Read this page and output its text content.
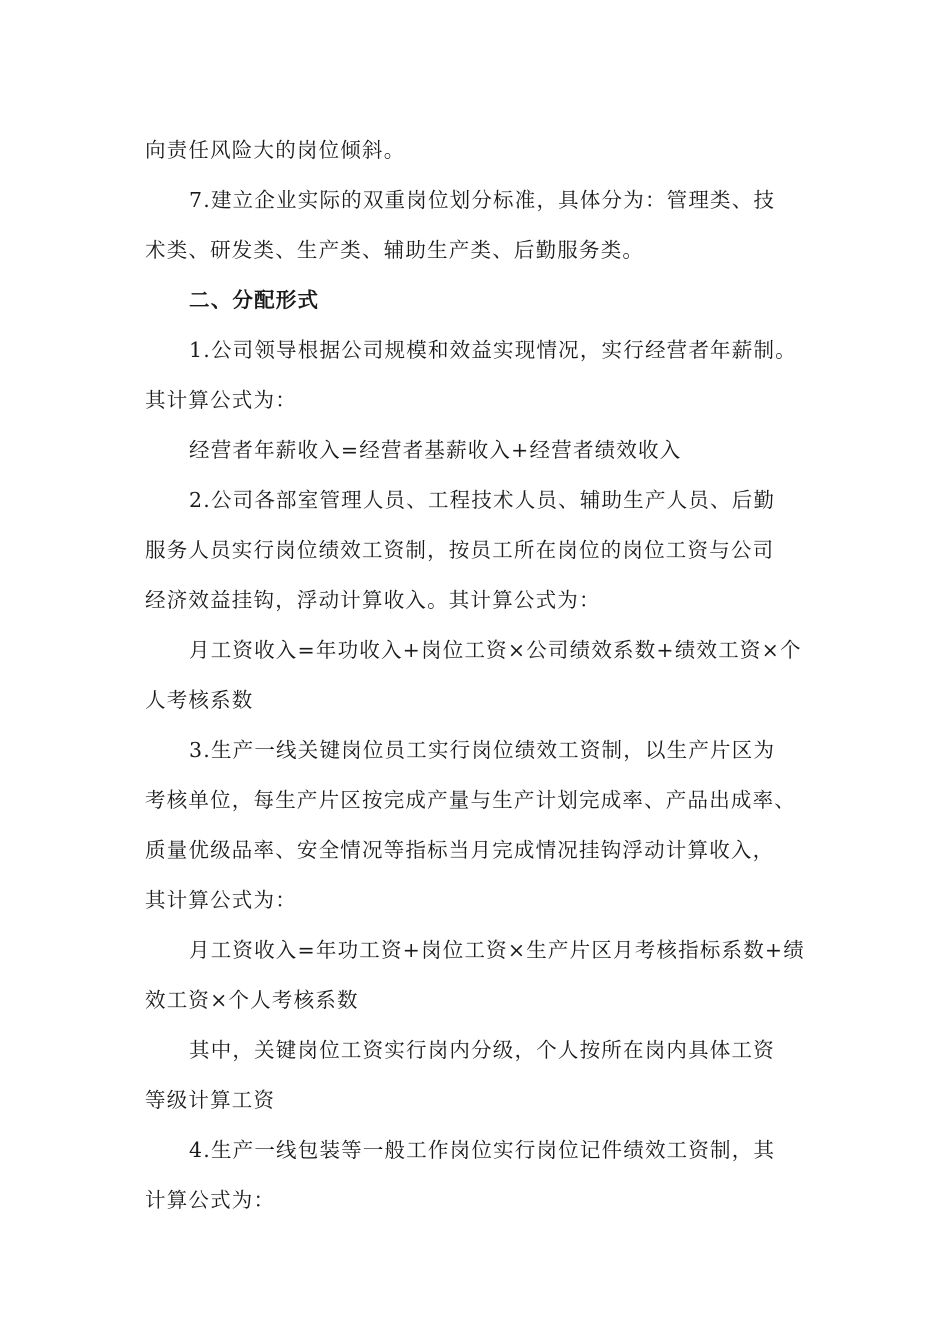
向责任风险大的岗位倾斜。
7.建立企业实际的双重岗位划分标准，具体分为：管理类、技
术类、研发类、生产类、辅助生产类、后勤服务类。
二、分配形式
1.公司领导根据公司规模和效益实现情况，实行经营者年薪制。
其计算公式为：
经营者年薪收入=经营者基薪收入+经营者绩效收入
2.公司各部室管理人员、工程技术人员、辅助生产人员、后勤
服务人员实行岗位绩效工资制，按员工所在岗位的岗位工资与公司
经济效益挂钩，浮动计算收入。其计算公式为：
月工资收入=年功收入+岗位工资×公司绩效系数+绩效工资×个
人考核系数
3.生产一线关键岗位员工实行岗位绩效工资制，以生产片区为
考核单位，每生产片区按完成产量与生产计划完成率、产品出成率、
质量优级品率、安全情况等指标当月完成情况挂钩浮动计算收入，
其计算公式为：
月工资收入=年功工资+岗位工资×生产片区月考核指标系数+绩
效工资×个人考核系数
其中，关键岗位工资实行岗内分级，个人按所在岗内具体工资
等级计算工资
4.生产一线包装等一般工作岗位实行岗位记件绩效工资制，其
计算公式为：
